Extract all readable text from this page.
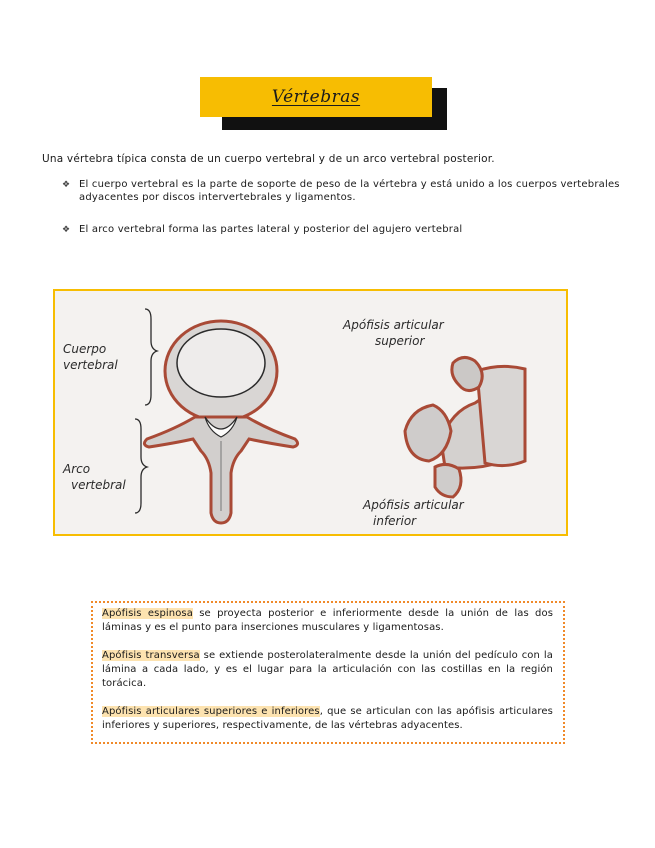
Vértebras

Una vértebra típica consta de un cuerpo vertebral y de un arco vertebral posterior.

❖ El cuerpo vertebral es la parte de soporte de peso de la vértebra y está unido a los cuerpos vertebrales adyacentes por discos intervertebrales y ligamentos.
❖ El arco vertebral forma las partes lateral y posterior del agujero vertebral
Cuerpo
vertebral
Arco
vertebral
Apófisis articular
superior
Apófisis articular
inferior

Apófisis espinosa se proyecta posterior e inferiormente desde la unión de las dos láminas y es el punto para inserciones musculares y ligamentosas.

Apófisis transversa se extiende posterolateralmente desde la unión del pedículo con la lámina a cada lado, y es el lugar para la articulación con las costillas en la región torácica.

Apófisis articulares superiores e inferiores, que se articulan con las apófisis articulares inferiores y superiores, respectivamente, de las vértebras adyacentes.
